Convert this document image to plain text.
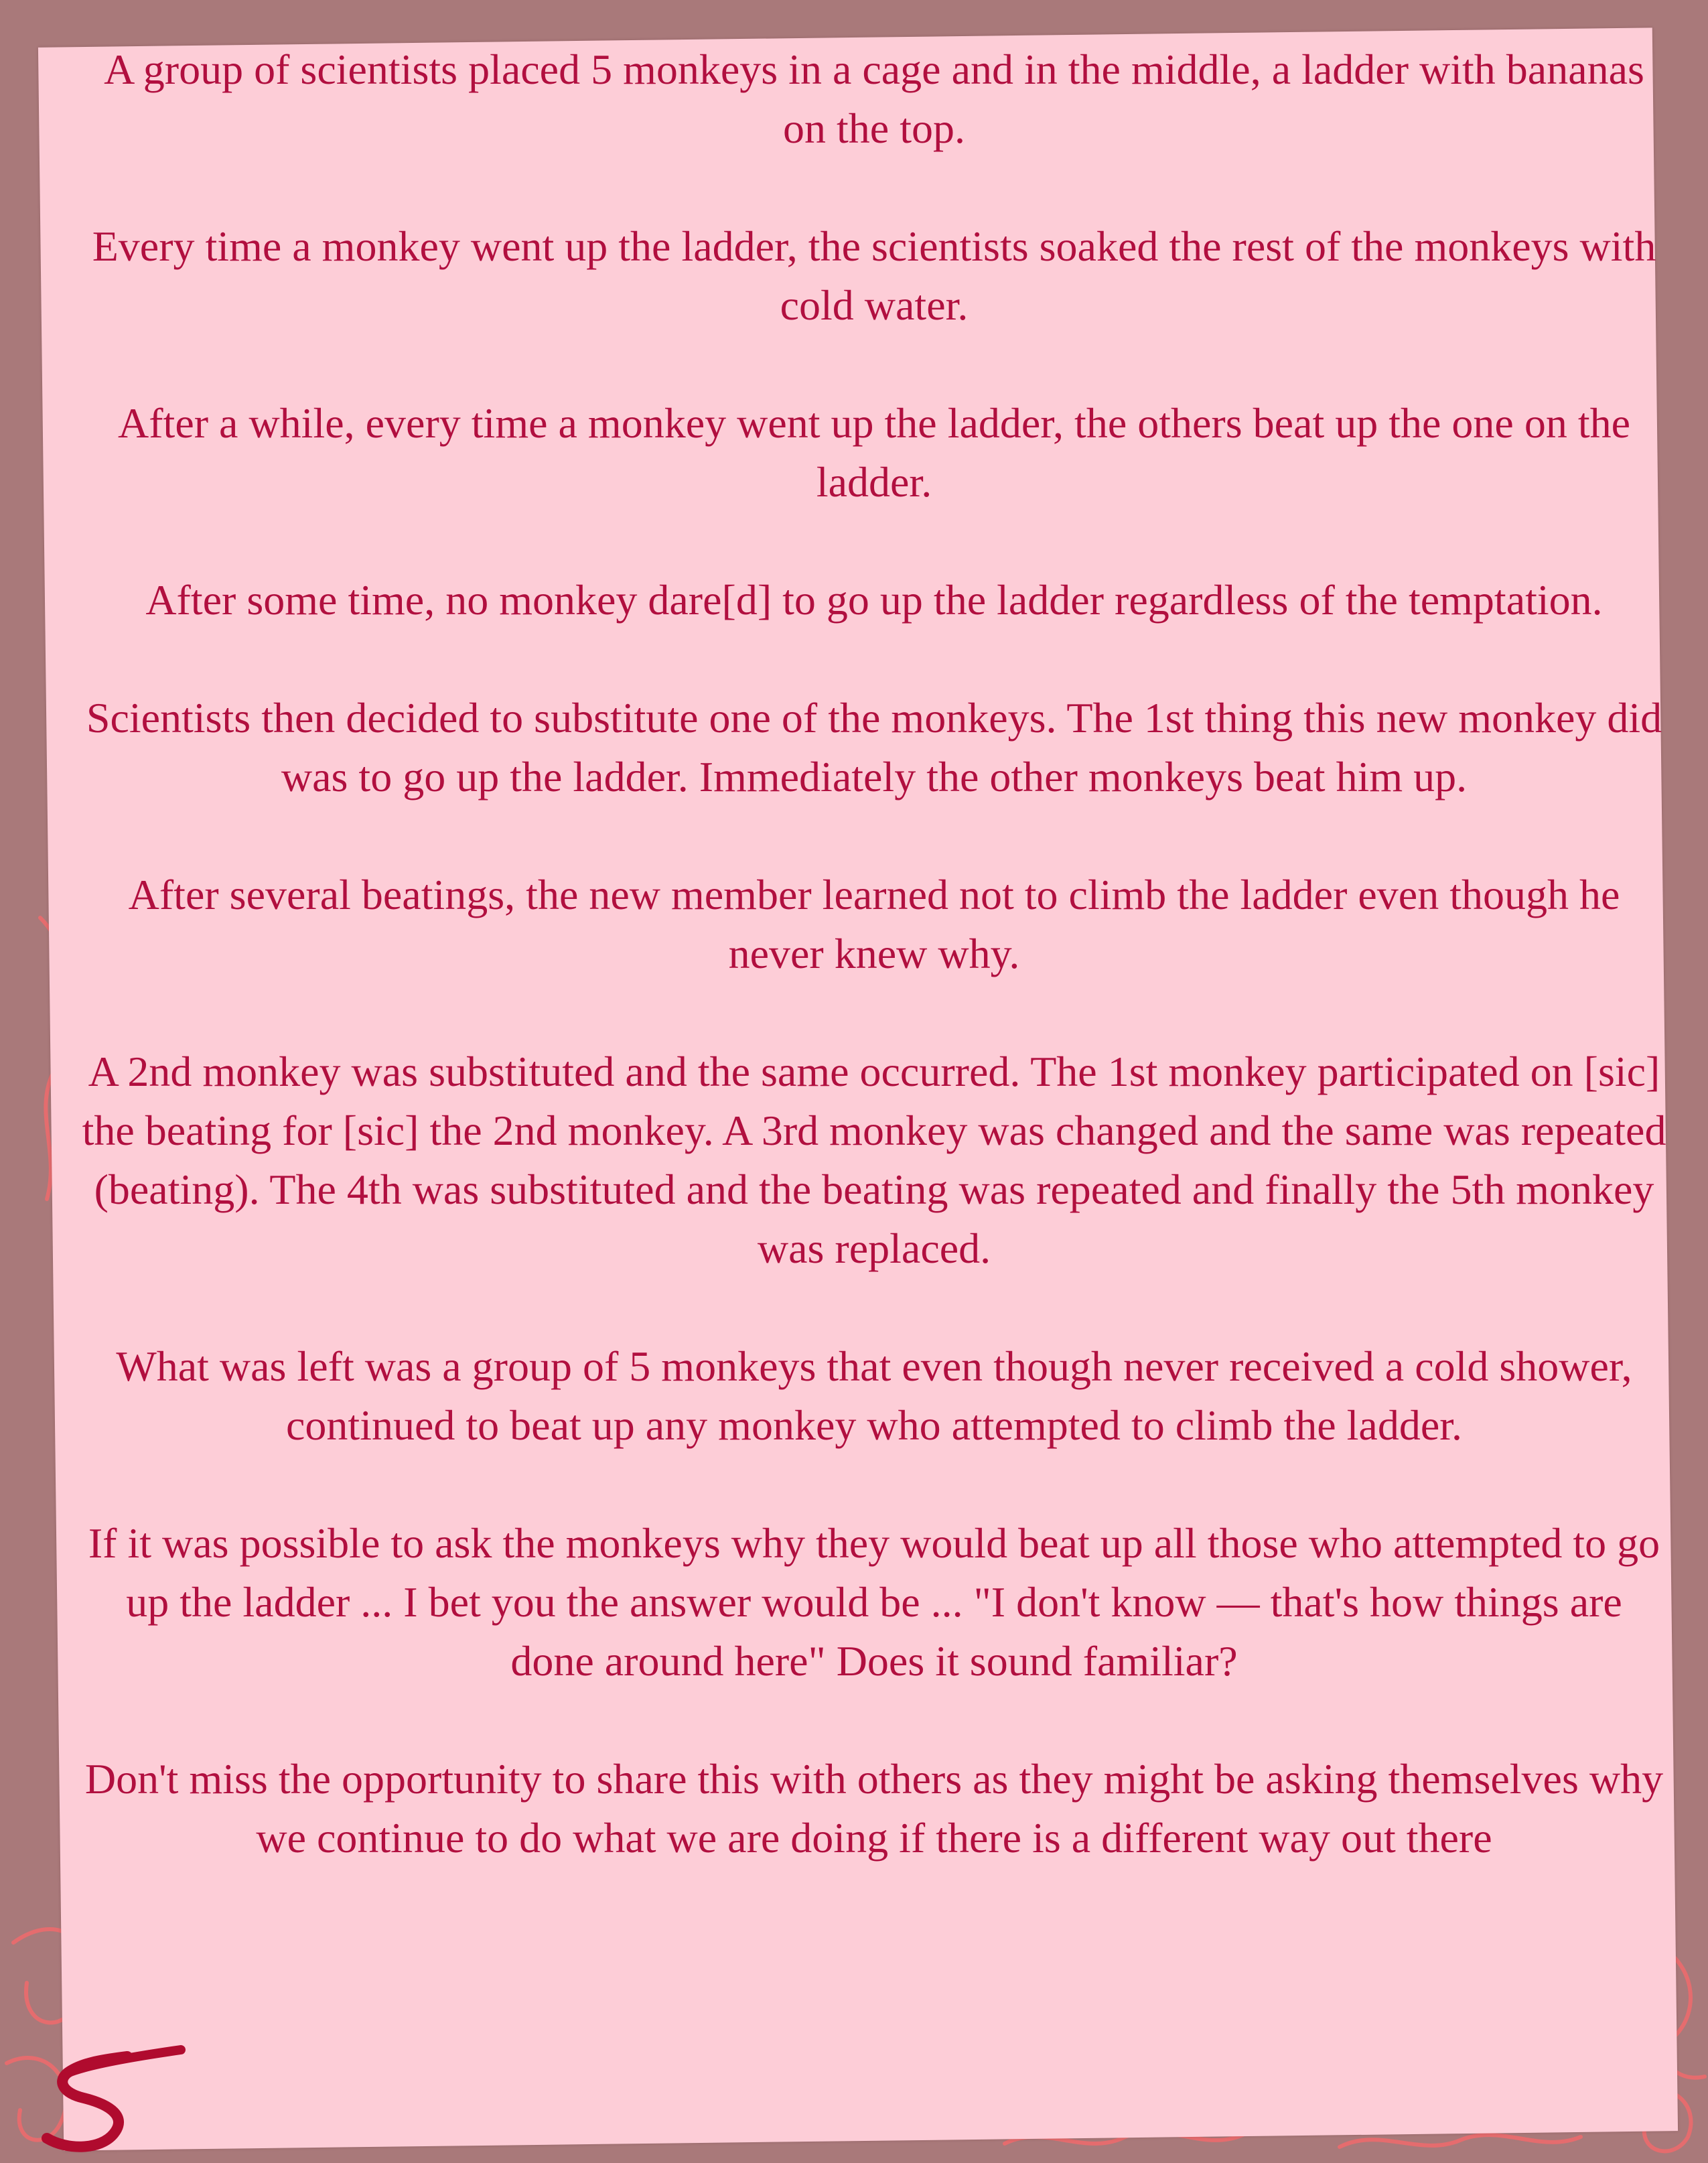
A group of scientists placed 5 monkeys in a cage and in the middle, a ladder with bananas on the top.

Every time a monkey went up the ladder, the scientists soaked the rest of the monkeys with cold water.

After a while, every time a monkey went up the ladder, the others beat up the one on the ladder.

After some time, no monkey dare[d] to go up the ladder regardless of the temptation.

Scientists then decided to substitute one of the monkeys. The 1st thing this new monkey did was to go up the ladder. Immediately the other monkeys beat him up.

After several beatings, the new member learned not to climb the ladder even though he never knew why.

A 2nd monkey was substituted and the same occurred. The 1st monkey participated on [sic] the beating for [sic] the 2nd monkey. A 3rd monkey was changed and the same was repeated (beating). The 4th was substituted and the beating was repeated and finally the 5th monkey was replaced.

What was left was a group of 5 monkeys that even though never received a cold shower, continued to beat up any monkey who attempted to climb the ladder.

If it was possible to ask the monkeys why they would beat up all those who attempted to go up the ladder ... I bet you the answer would be ... "I don't know — that's how things are done around here" Does it sound familiar?

Don't miss the opportunity to share this with others as they might be asking themselves why we continue to do what we are doing if there is a different way out there
